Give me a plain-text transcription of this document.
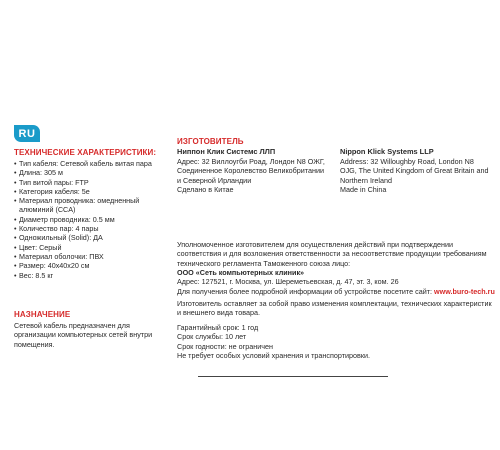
RU
ТЕХНИЧЕСКИЕ ХАРАКТЕРИСТИКИ:
• Тип кабеля: Сетевой кабель витая пара
• Длина: 305 м
• Тип витой пары: FTP
• Категория кабеля: 5e
• Материал проводника: омедненный алюминий (CCA)
• Диаметр проводника: 0.5 мм
• Количество пар: 4 пары
• Одножильный (Solid): ДА
• Цвет: Серый
• Материал оболочки: ПВХ
• Размер: 40х40х20 см
• Вес: 8.5 кг
НАЗНАЧЕНИЕ
Сетевой кабель предназначен для организации компьютерных сетей внутри помещения.
ИЗГОТОВИТЕЛЬ
Ниппон Клик Системс ЛЛП
Адрес: 32 Виллоугби Роад, Лондон N8 ОЖГ, Соединенное Королевство Великобритании и Северной Ирландии
Сделано в Китае
Nippon Klick Systems LLP
Address: 32 Willoughby Road, London N8 OJG, The United Kingdom of Great Britain and Northern Ireland
Made in China
Уполномоченное изготовителем для осуществления действий при подтверждении соответствия и для возложения ответственности за несоответствие продукции требованиям технического регламента Таможенного союза лицо:
ООО «Сеть компьютерных клиник»
Адрес: 127521, г. Москва, ул. Шереметьевская, д. 47, эт. 3, ком. 26
Для получения более подробной информации об устройстве посетите сайт: www.buro-tech.ru
Изготовитель оставляет за собой право изменения комплектации, технических характеристик и внешнего вида товара.
Гарантийный срок: 1 год
Срок службы: 10 лет
Срок годности: не ограничен
Не требует особых условий хранения и транспортировки.
